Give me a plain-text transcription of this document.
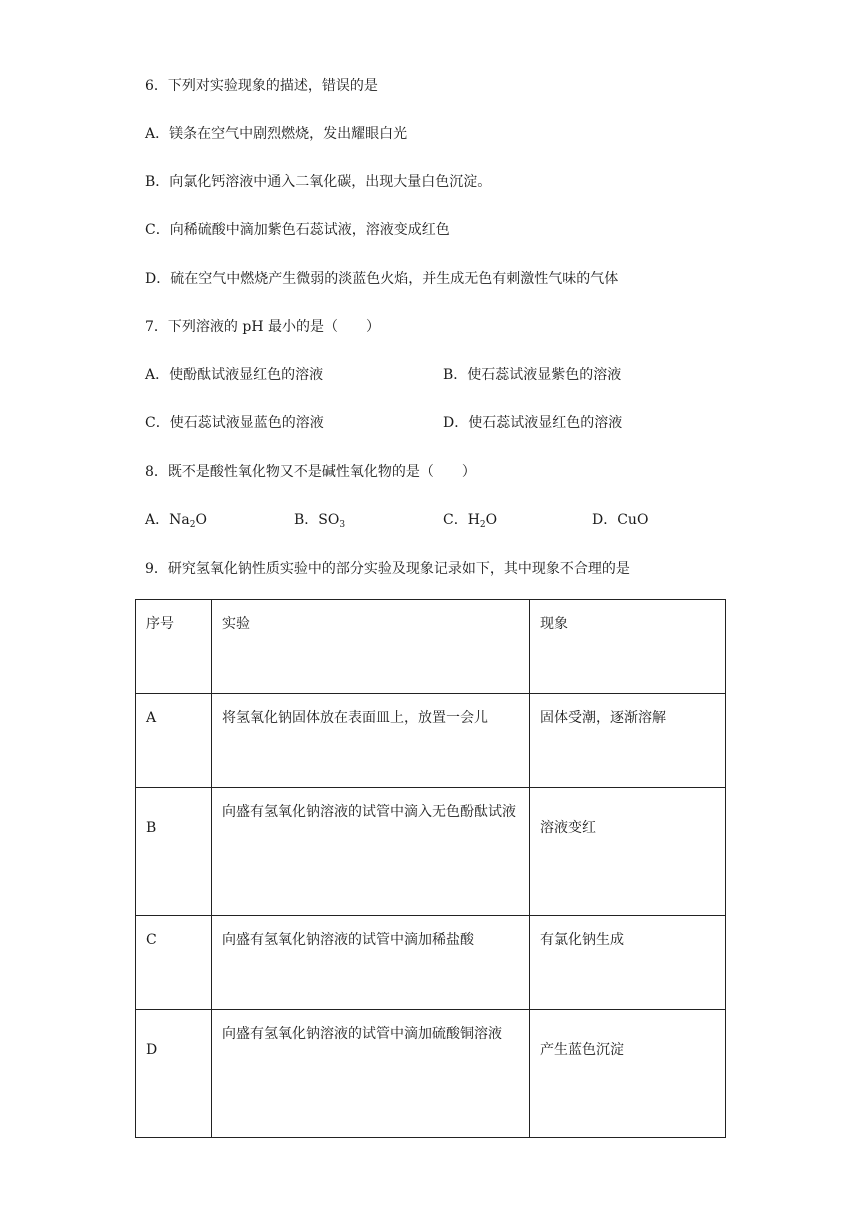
6．下列对实验现象的描述，错误的是
A．镁条在空气中剧烈燃烧，发出耀眼白光
B．向氯化钙溶液中通入二氧化碳，出现大量白色沉淀。
C．向稀硫酸中滴加紫色石蕊试液，溶液变成红色
D．硫在空气中燃烧产生微弱的淡蓝色火焰，并生成无色有刺激性气味的气体
7．下列溶液的 pH 最小的是（　　）
A．使酚酞试液显红色的溶液	B．使石蕊试液显紫色的溶液
C．使石蕊试液显蓝色的溶液	D．使石蕊试液显红色的溶液
8．既不是酸性氧化物又不是碱性氧化物的是（　　）
A．$Na_2O$	B．$SO_3$	C．$H_2O$	D．CuO
9．研究氢氧化钠性质实验中的部分实验及现象记录如下，其中现象不合理的是
序号	实验	现象

A	将氢氧化钠固体放在表面皿上，放置一会儿	固体受潮，逐渐溶解

B	向盛有氢氧化钠溶液的试管中滴入无色酚酞试液	溶液变红

C	向盛有氢氧化钠溶液的试管中滴加稀盐酸	有氯化钠生成

D	向盛有氢氧化钠溶液的试管中滴加硫酸铜溶液	产生蓝色沉淀
